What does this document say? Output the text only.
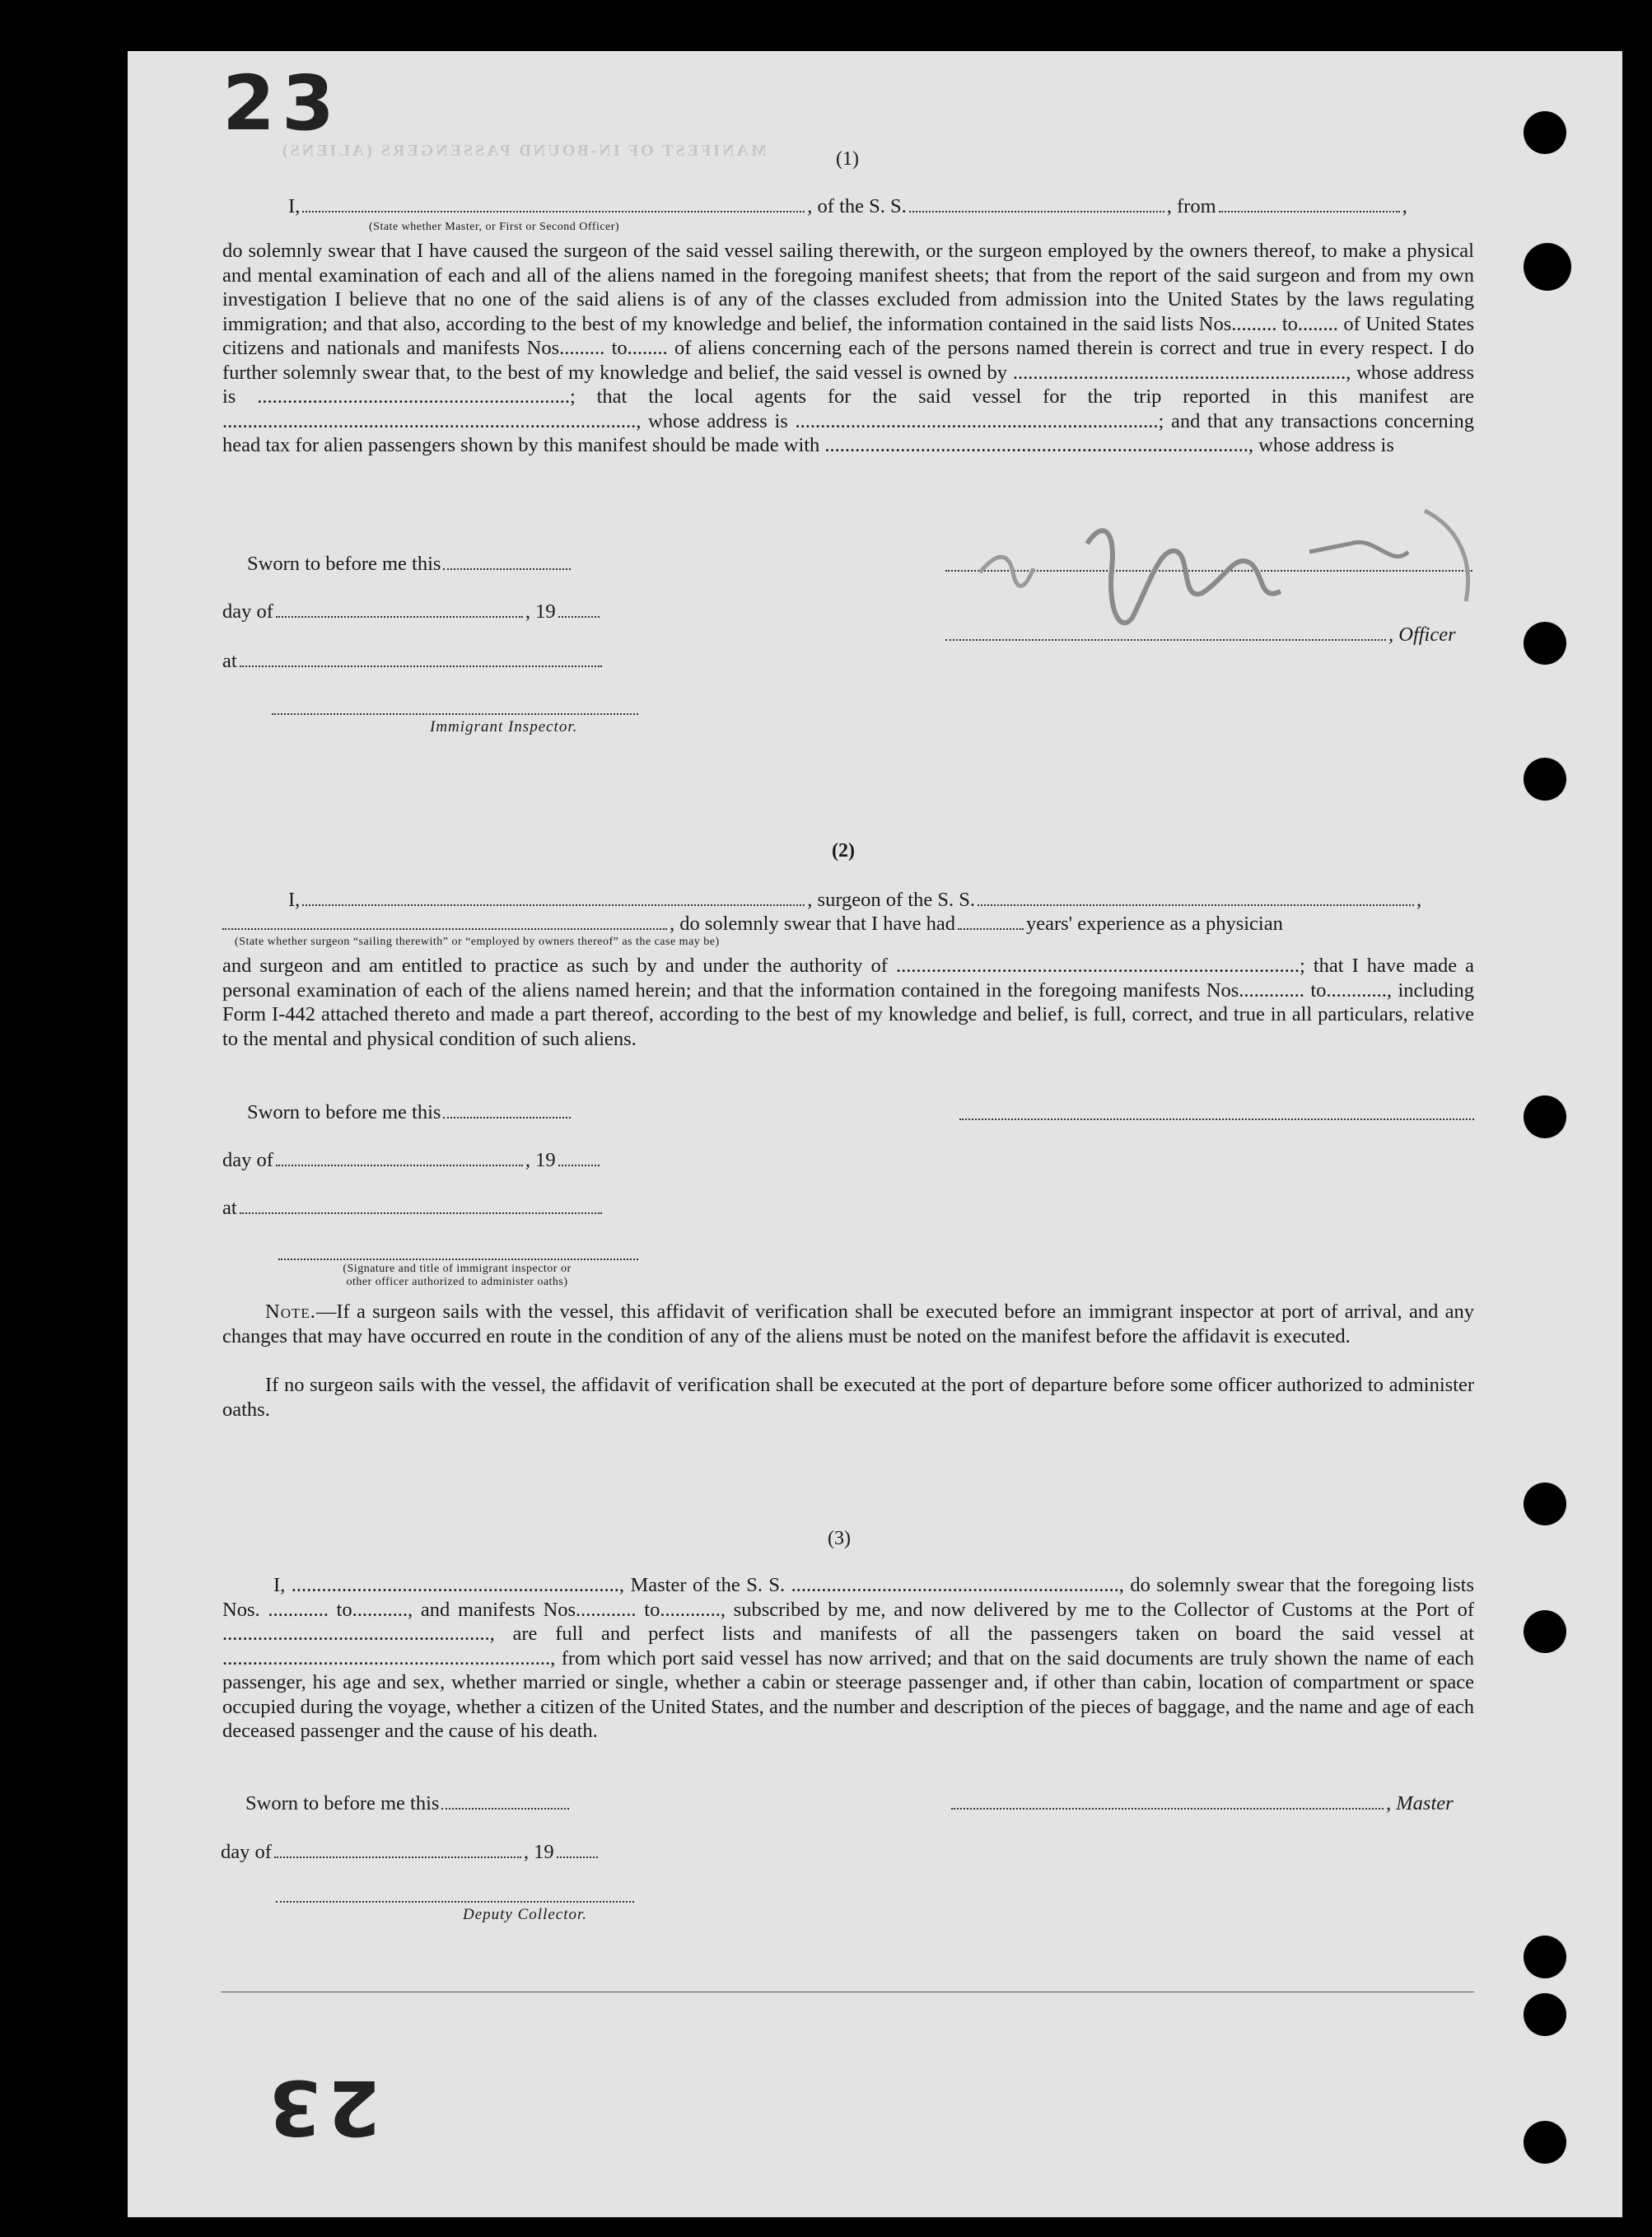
23
23
MANIFEST OF IN-BOUND PASSENGERS (ALIENS)	(1)
I,	, of the S. S.	, from	,
(State whether Master, or First or Second Officer)
do solemnly swear that I have caused the surgeon of the said vessel sailing therewith, or the surgeon employed by the owners thereof, to make a physical and mental examination of each and all of the aliens named in the foregoing manifest sheets; that from the report of the said surgeon and from my own investigation I believe that no one of the said aliens is of any of the classes excluded from admission into the United States by the laws regulating immigration; and that also, according to the best of my knowledge and belief, the information contained in the said lists Nos......... to........ of United States citizens and nationals and manifests Nos......... to........ of aliens concerning each of the persons named therein is correct and true in every respect. I do further solemnly swear that, to the best of my knowledge and belief, the said vessel is owned by .................................................................., whose address is ..............................................................; that the local agents for the said vessel for the trip reported in this manifest are .................................................................................., whose address is ........................................................................; and that any transactions concerning head tax for alien passengers shown by this manifest should be made with ...................................................................................., whose address is
Sworn to before me this
day of	, 19
at
, Officer
Immigrant Inspector.
(2)
I,	, surgeon of the S. S.	,
, do solemnly swear that I have had	years' experience as a physician
(State whether surgeon “sailing therewith” or “employed by owners thereof” as the case may be)
and surgeon and am entitled to practice as such by and under the authority of ................................................................................; that I have made a personal examination of each of the aliens named herein; and that the information contained in the foregoing manifests Nos............. to............, including Form I-442 attached thereto and made a part thereof, according to the best of my knowledge and belief, is full, correct, and true in all particulars, relative to the mental and physical condition of such aliens.
Sworn to before me this
day of	, 19
at
(Signature and title of immigrant inspector or
other officer authorized to administer oaths)
Note.—If a surgeon sails with the vessel, this affidavit of verification shall be executed before an immigrant inspector at port of arrival, and any changes that may have occurred en route in the condition of any of the aliens must be noted on the manifest before the affidavit is executed.
If no surgeon sails with the vessel, the affidavit of verification shall be executed at the port of departure before some officer authorized to administer oaths.
(3)
I, ................................................................., Master of the S. S. ................................................................., do solemnly swear that the foregoing lists Nos. ............ to..........., and manifests Nos............ to............, subscribed by me, and now delivered by me to the Collector of Customs at the Port of ....................................................., are full and perfect lists and manifests of all the passengers taken on board the said vessel at ................................................................., from which port said vessel has now arrived; and that on the said documents are truly shown the name of each passenger, his age and sex, whether married or single, whether a cabin or steerage passenger and, if other than cabin, location of compartment or space occupied during the voyage, whether a citizen of the United States, and the number and description of the pieces of baggage, and the name and age of each deceased passenger and the cause of his death.
Sworn to before me this	, Master
day of	, 19
Deputy Collector.
